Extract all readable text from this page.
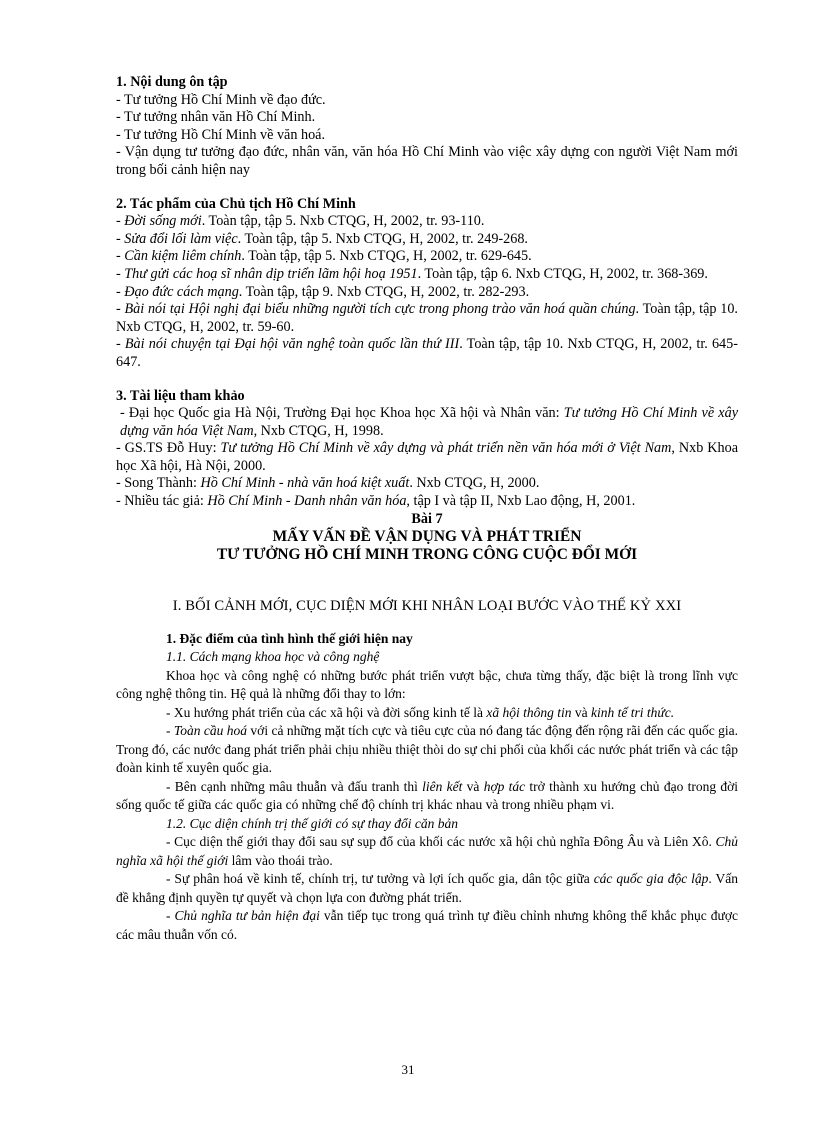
1. Nội dung ôn tập

- Tư tưởng Hồ Chí Minh về đạo đức.

- Tư tưởng nhân văn Hồ Chí Minh.

- Tư tưởng Hồ Chí Minh về văn hoá.

- Vận dụng tư tưởng đạo đức, nhân văn, văn hóa Hồ Chí Minh vào việc xây dựng con người Việt Nam mới trong bối cảnh hiện nay

2. Tác phẩm của Chủ tịch Hồ Chí Minh

- Đời sống mới. Toàn tập, tập 5. Nxb CTQG, H, 2002, tr. 93-110.

- Sửa đổi lối làm việc. Toàn tập, tập 5. Nxb CTQG, H, 2002, tr. 249-268.

- Cần kiệm liêm chính. Toàn tập, tập 5. Nxb CTQG, H, 2002, tr. 629-645.

- Thư gửi các hoạ sĩ nhân dịp triển lãm hội hoạ 1951. Toàn tập, tập 6. Nxb CTQG, H, 2002, tr. 368-369.

- Đạo đức cách mạng. Toàn tập, tập 9. Nxb CTQG, H, 2002, tr. 282-293.

- Bài nói tại Hội nghị đại biểu những người tích cực trong phong trào văn hoá quần chúng. Toàn tập, tập 10. Nxb CTQG, H, 2002, tr. 59-60.

- Bài nói chuyện tại Đại hội văn nghệ toàn quốc lần thứ III. Toàn tập, tập 10. Nxb CTQG, H, 2002, tr. 645-647.

3. Tài liệu tham khảo

- Đại học Quốc gia Hà Nội, Trường Đại học Khoa học Xã hội và Nhân văn: Tư tưởng Hồ Chí Minh về xây dựng văn hóa Việt Nam, Nxb CTQG, H, 1998.

- GS.TS Đỗ Huy: Tư tưởng Hồ Chí Minh về xây dựng và phát triển nền văn hóa mới ở Việt Nam, Nxb Khoa học Xã hội, Hà Nội, 2000.

- Song Thành: Hồ Chí Minh - nhà văn hoá kiệt xuất. Nxb CTQG, H, 2000.

- Nhiều tác giả: Hồ Chí Minh - Danh nhân văn hóa, tập I và tập II, Nxb Lao động, H, 2001.

Bài 7

MẤY VẤN ĐỀ VẬN DỤNG VÀ PHÁT TRIỂN

TƯ TƯỞNG HỒ CHÍ MINH TRONG CÔNG CUỘC ĐỔI MỚI

I. BỐI CẢNH MỚI, CỤC DIỆN MỚI KHI NHÂN LOẠI BƯỚC VÀO THẾ KỶ XXI

1. Đặc điểm của tình hình thế giới hiện nay

1.1. Cách mạng khoa học và công nghệ

Khoa học và công nghệ có những bước phát triển vượt bậc, chưa từng thấy, đặc biệt là trong lĩnh vực công nghệ thông tin. Hệ quả là những đổi thay to lớn:

- Xu hướng phát triển của các xã hội và đời sống kinh tế là xã hội thông tin và kinh tế tri thức.

- Toàn cầu hoá với cả những mặt tích cực và tiêu cực của nó đang tác động đến rộng rãi đến các quốc gia. Trong đó, các nước đang phát triển phải chịu nhiều thiệt thòi do sự chi phối của khối các nước phát triển và các tập đoàn kinh tế xuyên quốc gia.

- Bên cạnh những mâu thuẫn và đấu tranh thì liên kết và hợp tác trở thành xu hướng chủ đạo trong đời sống quốc tế giữa các quốc gia có những chế độ chính trị khác nhau và trong nhiều phạm vi.

1.2. Cục diện chính trị thế giới có sự thay đổi căn bản

- Cục diện thế giới thay đổi sau sự sụp đổ của khối các nước xã hội chủ nghĩa Đông Âu và Liên Xô. Chủ nghĩa xã hội thế giới lâm vào thoái trào.

- Sự phân hoá về kinh tế, chính trị, tư tưởng và lợi ích quốc gia, dân tộc giữa các quốc gia độc lập. Vấn đề khẳng định quyền tự quyết và chọn lựa con đường phát triển.

- Chủ nghĩa tư bản hiện đại vẫn tiếp tục trong quá trình tự điều chỉnh nhưng không thể khắc phục được các mâu thuẫn vốn có.

31
